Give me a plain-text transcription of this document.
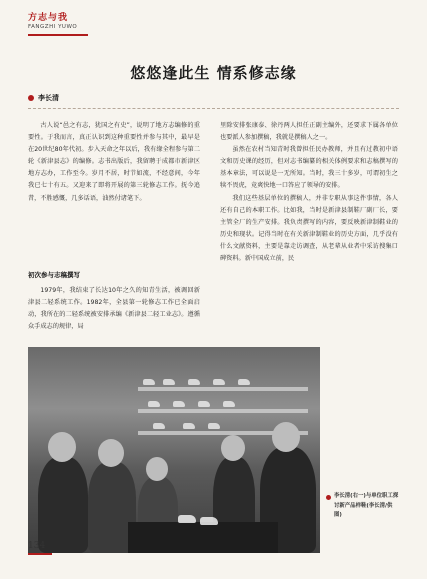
方志与我
FANGZHI YUWO
悠悠逢此生 情系修志缘
李长清

古人说“邑之有志，犹国之有史”，说明了地方志编修的重要性。于我而言，真正认识到这种重要性并参与其中，最早是在20世纪80年代初。步入天命之年以后，我有缘全程参与第二轮《新津县志》的编修。志书出版后，我留聘于成都市新津区地方志办，工作至今。岁月不居，时节如流，不经意间，今年我已七十有五。又迎来了即将开展的第三轮修志工作。抚今追昔，不胜感慨，几多话语，油然付诸笔下。

初次参与志稿撰写

1979年，我结束了长达10年之久的知青生活，被调回新津县二轻系统工作。1982年，全县第一轮修志工作已全面启动，我所在的二轻系统被安排承编《新津县二轻工业志》。遵循众手成志的规律，局

里除安排张康泰、徐丹两人担任正副主编外，还要求下属各单位也要派人参加撰稿，我就是撰稿人之一。

虽然在农村当知青时我曾担任民办教师，并且有过教初中语文和历史课的经历，但对志书编纂的相关体例要求和志稿撰写的基本章法，可以说是一无所知。当时，我三十多岁，可谓初生之犊不畏虎，竟爽快地一口答应了领导的安排。

我们这些基层单位的撰稿人，并非专职从事这件事情，各人还有自己的本职工作。比如我，当时是新津县制鞋厂副厂长，要主管全厂的生产安排。我负责撰写的内容，要反映新津制鞋业的历史和现状。记得当时在有关新津制鞋业的历史方面，几乎没有什么文献资料，主要是靠走访调查，从老辈从业者中采访搜集口碑资料。新中国成立前，民

李长清(右一)与单位职工探讨新产品样鞋(李长清/供图)
134
